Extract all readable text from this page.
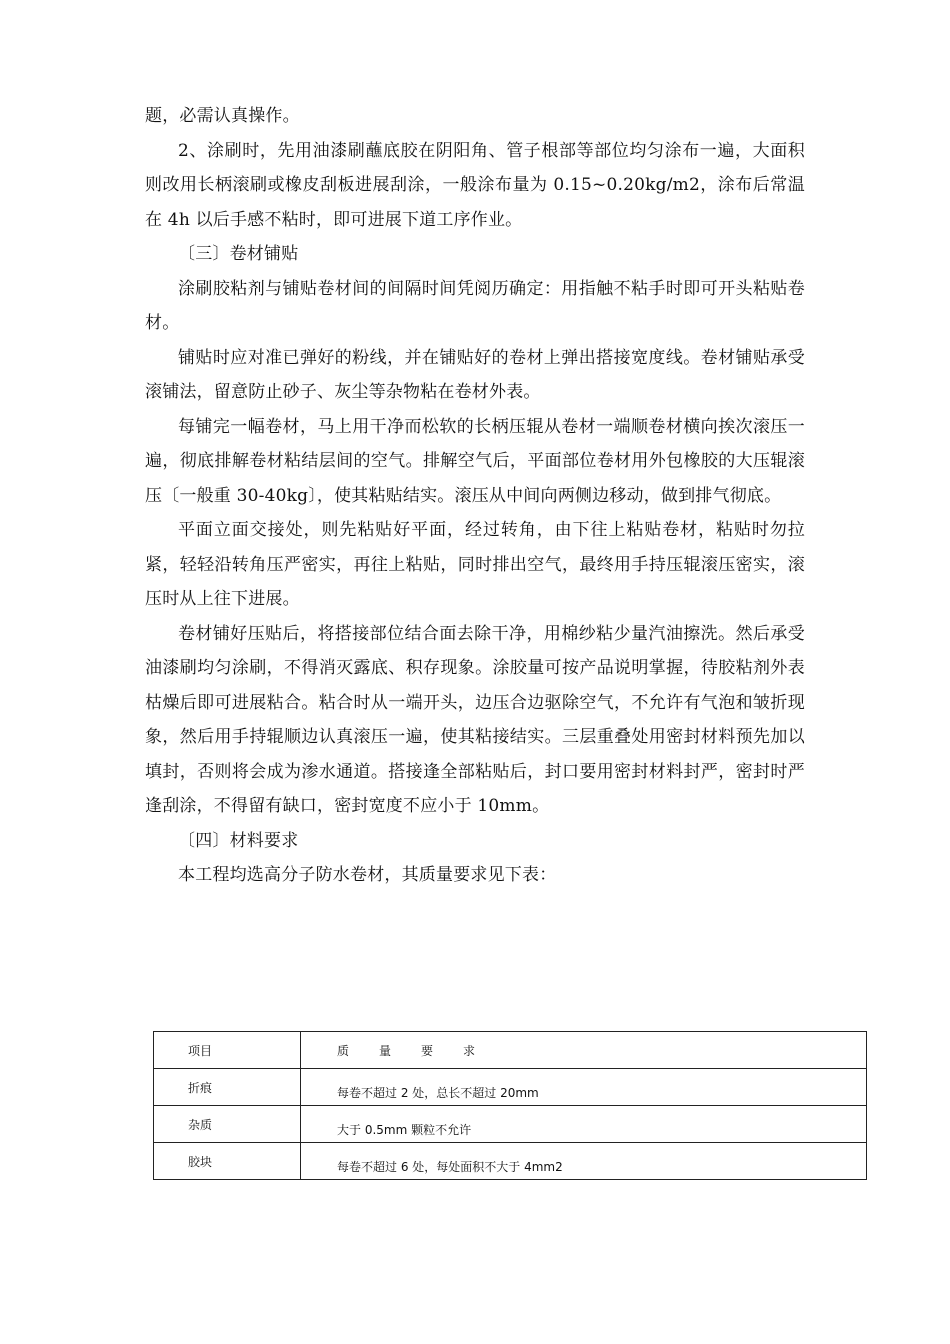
题，必需认真操作。

2、涂刷时，先用油漆刷蘸底胶在阴阳角、管子根部等部位均匀涂布一遍，大面积则改用长柄滚刷或橡皮刮板进展刮涂，一般涂布量为 0.15~0.20kg/m2，涂布后常温在 4h 以后手感不粘时，即可进展下道工序作业。

〔三〕卷材铺贴

涂刷胶粘剂与铺贴卷材间的间隔时间凭阅历确定：用指触不粘手时即可开头粘贴卷材。

铺贴时应对准已弹好的粉线，并在铺贴好的卷材上弹出搭接宽度线。卷材铺贴承受滚铺法，留意防止砂子、灰尘等杂物粘在卷材外表。

每铺完一幅卷材，马上用干净而松软的长柄压辊从卷材一端顺卷材横向挨次滚压一遍，彻底排解卷材粘结层间的空气。排解空气后，平面部位卷材用外包橡胶的大压辊滚压〔一般重 30-40kg〕，使其粘贴结实。滚压从中间向两侧边移动，做到排气彻底。

平面立面交接处，则先粘贴好平面，经过转角，由下往上粘贴卷材，粘贴时勿拉紧，轻轻沿转角压严密实，再往上粘贴，同时排出空气，最终用手持压辊滚压密实，滚压时从上往下进展。

卷材铺好压贴后，将搭接部位结合面去除干净，用棉纱粘少量汽油擦洗。然后承受油漆刷均匀涂刷，不得消灭露底、积存现象。涂胶量可按产品说明掌握，待胶粘剂外表枯燥后即可进展粘合。粘合时从一端开头，边压合边驱除空气，不允许有气泡和皱折现象，然后用手持辊顺边认真滚压一遍，使其粘接结实。三层重叠处用密封材料预先加以填封，否则将会成为渗水通道。搭接逢全部粘贴后，封口要用密封材料封严，密封时严逢刮涂，不得留有缺口，密封宽度不应小于 10mm。

〔四〕材料要求

本工程均选高分子防水卷材，其质量要求见下表：

项目	质量要求
折痕	每卷不超过 2 处，总长不超过 20mm
杂质	大于 0.5mm 颗粒不允许
胶块	每卷不超过 6 处，每处面积不大于 4mm2
